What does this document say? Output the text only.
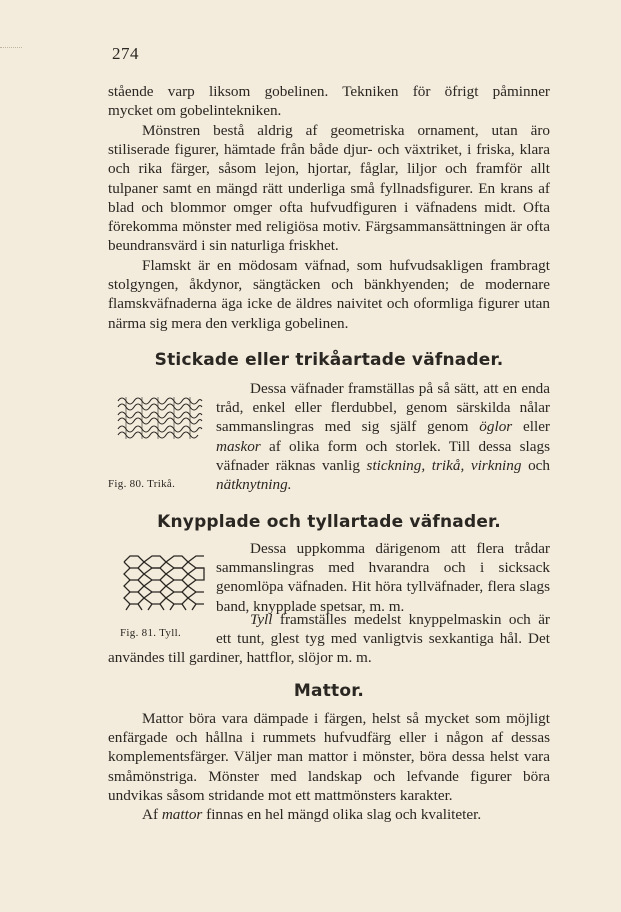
274

stående varp liksom gobelinen. Tekniken för öfrigt påminner

mycket om gobelintekniken.

Mönstren bestå aldrig af geometriska ornament, utan äro stiliserade figurer, hämtade från både djur- och växtriket, i friska, klara och rika färger, såsom lejon, hjortar, fåglar, liljor och framför allt tulpaner samt en mängd rätt underliga små fyllnadsfigurer. En krans af blad och blommor omger ofta hufvudfiguren i väfnadens midt. Ofta förekomma mönster med religiösa motiv. Färgsammansättningen är ofta beundransvärd i sin naturliga friskhet.

Flamskt är en mödosam väfnad, som hufvudsakligen frambragt stolgyngen, åkdynor, sängtäcken och bänkhyenden; de modernare flamskväfnaderna äga icke de äldres naivitet och oformliga figurer utan närma sig mera den verkliga gobelinen.

Stickade eller trikåartade väfnader.
Fig. 80. Trikå.

Dessa väfnader framställas på så sätt, att en enda tråd, enkel eller flerdubbel, genom särskilda nålar sammanslingras med sig själf genom öglor eller maskor af olika form och storlek. Till dessa slags väfnader räknas vanlig stickning, trikå, virkning och nätknytning.

Knypplade och tyllartade väfnader.
Fig. 81. Tyll.

Dessa uppkomma därigenom att flera trådar sammanslingras med hvarandra och i sicksack genomlöpa väfnaden. Hit höra tyllväfnader, flera slags band, knypplade spetsar, m. m.

Tyll framställes medelst knyppelmaskin och är ett tunt, glest tyg med vanligtvis sexkantiga hål. Det användes till gardiner, hattflor, slöjor m. m.

Mattor.

Mattor böra vara dämpade i färgen, helst så mycket som möjligt enfärgade och hållna i rummets hufvudfärg eller i någon af dessas komplementsfärger. Väljer man mattor i mönster, böra dessa helst vara småmönstriga. Mönster med landskap och lefvande figurer böra undvikas såsom stridande mot ett mattmönsters karakter.

Af mattor finnas en hel mängd olika slag och kvaliteter.
